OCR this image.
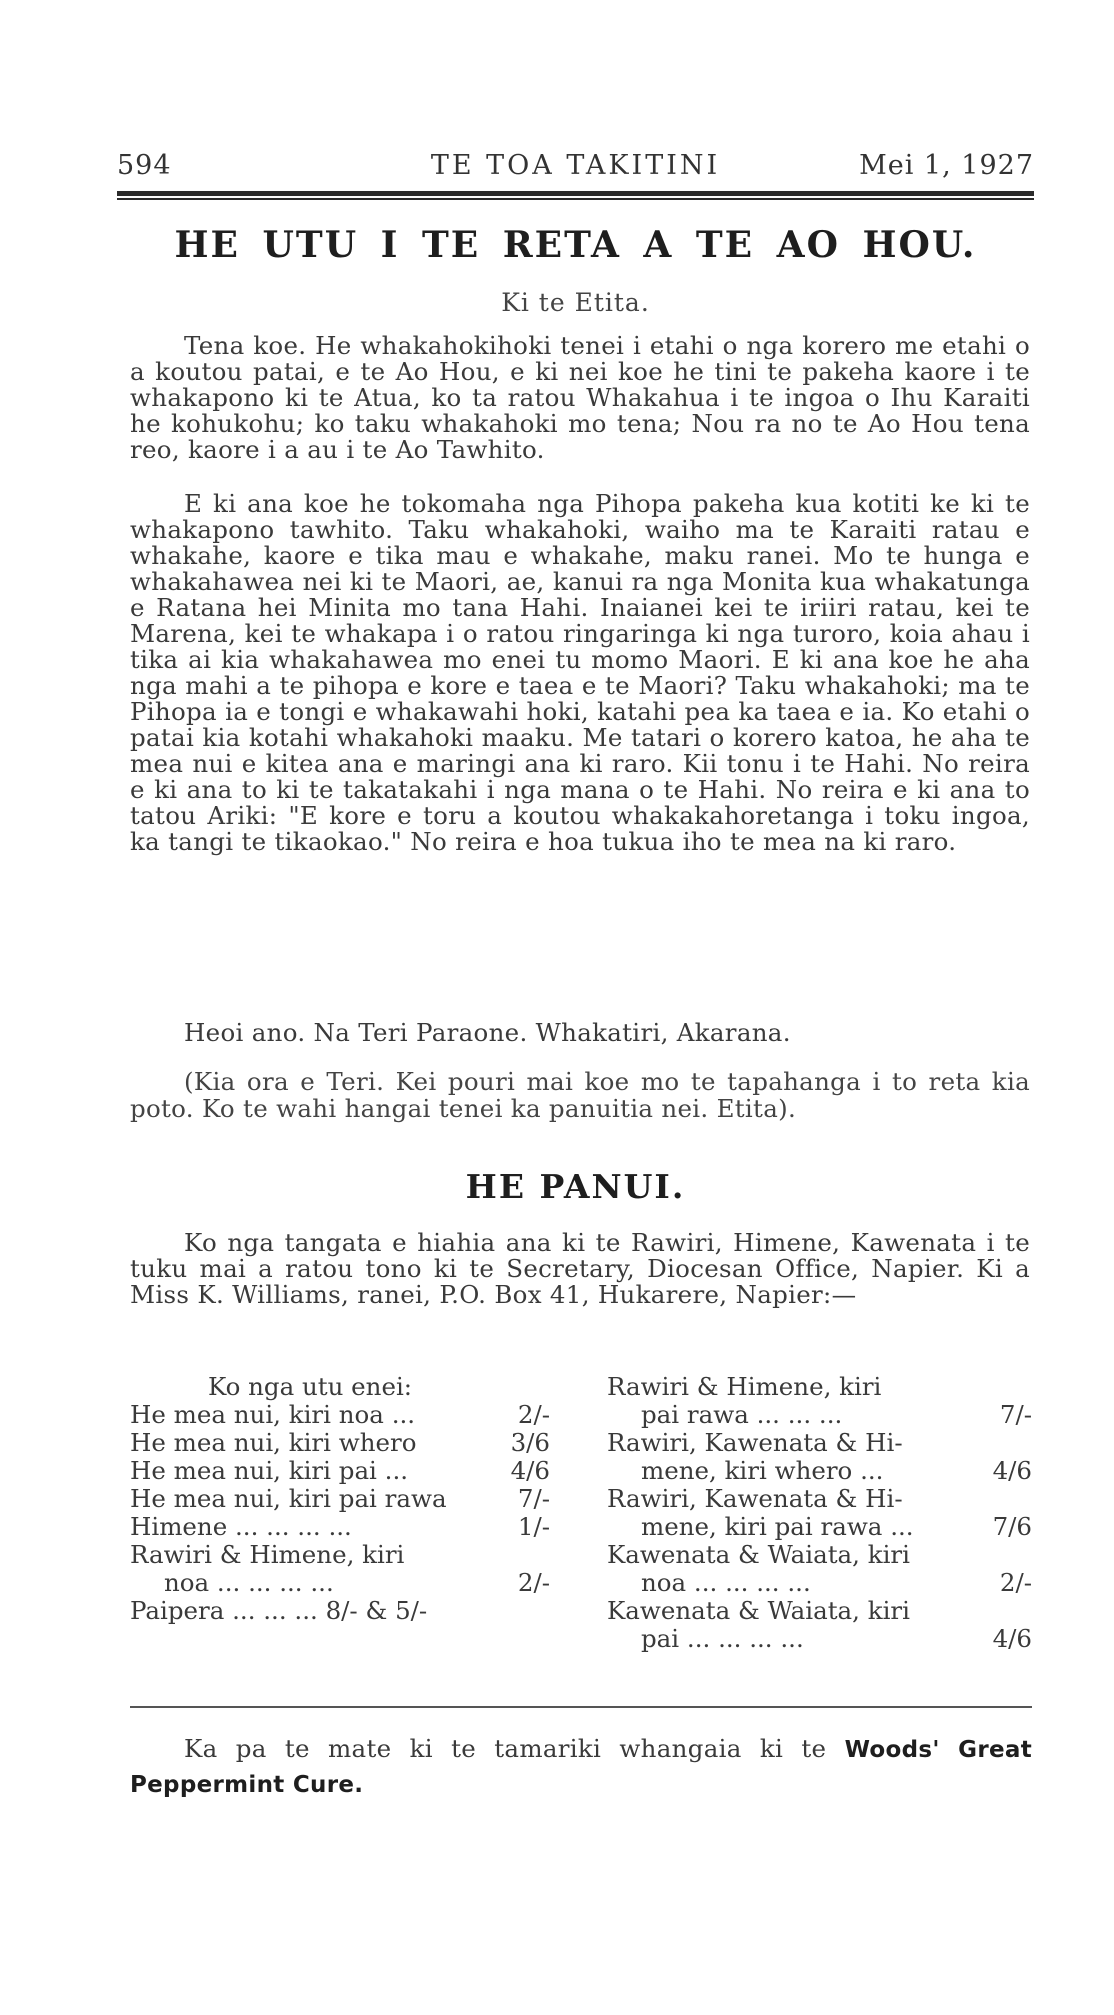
594	TE TOA TAKITINI	Mei 1, 1927
HE UTU I TE RETA A TE AO HOU.
Ki te Etita.
Tena koe. He whakahokihoki tenei i etahi o nga korero me etahi o a koutou patai, e te Ao Hou, e ki nei koe he tini te pakeha kaore i te whakapono ki te Atua, ko ta ratou Whakahua i te ingoa o Ihu Karaiti he kohukohu; ko taku whakahoki mo tena; Nou ra no te Ao Hou tena reo, kaore i a au i te Ao Tawhito.
E ki ana koe he tokomaha nga Pihopa pakeha kua kotiti ke ki te whakapono tawhito. Taku whakahoki, waiho ma te Karaiti ratau e whakahe, kaore e tika mau e whakahe, maku ranei. Mo te hunga e whakahawea nei ki te Maori, ae, kanui ra nga Monita kua whakatunga e Ratana hei Minita mo tana Hahi. Inaianei kei te iriiri ratau, kei te Marena, kei te whakapa i o ratou ringaringa ki nga turoro, koia ahau i tika ai kia whakahawea mo enei tu momo Maori. E ki ana koe he aha nga mahi a te pihopa e kore e taea e te Maori? Taku whakahoki; ma te Pihopa ia e tongi e whakawahi hoki, katahi pea ka taea e ia. Ko etahi o patai kia kotahi whakahoki maaku. Me tatari o korero katoa, he aha te mea nui e kitea ana e maringi ana ki raro. Kii tonu i te Hahi. No reira e ki ana to ki te takatakahi i nga mana o te Hahi. No reira e ki ana to tatou Ariki: "E kore e toru a koutou whakakahoretanga i toku ingoa, ka tangi te tikaokao." No reira e hoa tukua iho te mea na ki raro.
Heoi ano. Na Teri Paraone. Whakatiri, Akarana.
(Kia ora e Teri. Kei pouri mai koe mo te tapahanga i to reta kia poto. Ko te wahi hangai tenei ka panuitia nei. Etita).
HE PANUI.
Ko nga tangata e hiahia ana ki te Rawiri, Himene, Kawenata i te tuku mai a ratou tono ki te Secretary, Diocesan Office, Napier. Ki a Miss K. Williams, ranei, P.O. Box 41, Hukarere, Napier:—
Ko nga utu enei:
He mea nui, kiri noa ...	2/-
He mea nui, kiri whero	3/6
He mea nui, kiri pai ...	4/6
He mea nui, kiri pai rawa	7/-
Himene ... ... ... ...	1/-
Rawiri & Himene, kiri
noa ... ... ... ...	2/-
Paipera ... ... ... 8/- & 5/-
Rawiri & Himene, kiri
pai rawa ... ... ...	7/-
Rawiri, Kawenata & Hi-
mene, kiri whero ...	4/6
Rawiri, Kawenata & Hi-
mene, kiri pai rawa ...	7/6
Kawenata & Waiata, kiri
noa ... ... ... ...	2/-
Kawenata & Waiata, kiri
pai ... ... ... ...	4/6
Ka pa te mate ki te tamariki whangaia ki te Woods' Great Peppermint Cure.
